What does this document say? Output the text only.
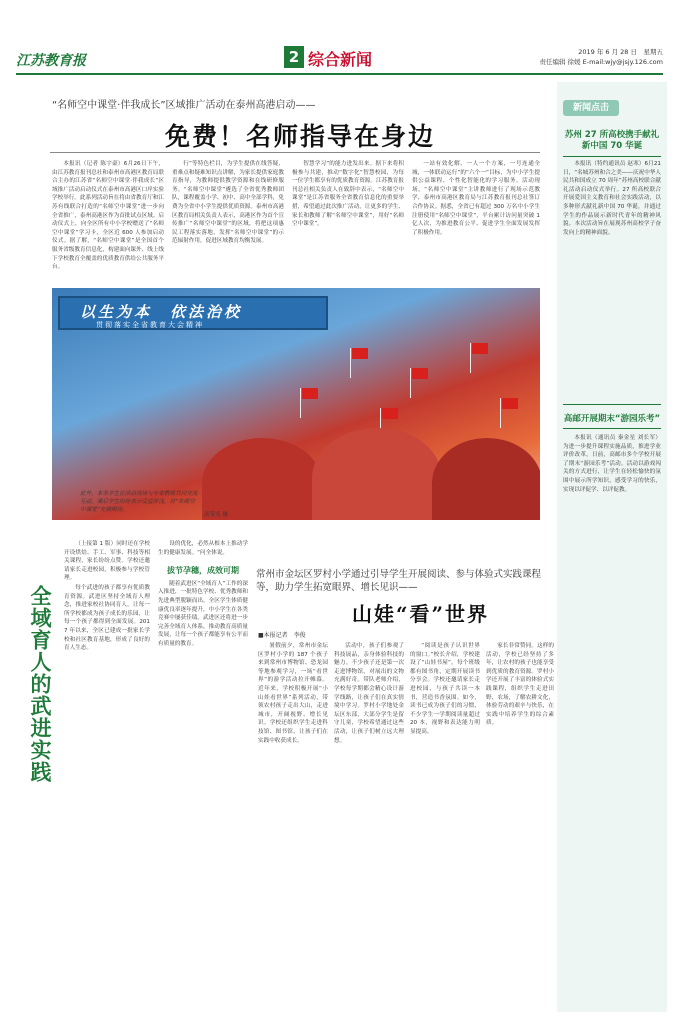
江苏教育报	2 综合新闻	2019 年 6 月 28 日　星期五
责任编辑 徐媛 E-mail:wjy@jsjy.126.com
“名师空中课堂·伴我成长”区域推广活动在泰州高港启动——
免费！名师指导在身边

本报讯（记者 陈宇豪）6月26日下午，由江苏教育报刊总社和泰州市高港区教育局联合主办的江苏省“名师空中课堂·伴我成长”区域推广活动启动仪式在泰州市高港区口岸实验学校举行。此系列活动旨在将由省教育厅和江苏有线联合打造的“名师空中课堂”进一步向全省推广，泰州高港区作为首批试点区域。启动仪式上，向全区所有中小学校赠送了“名师空中课堂”学习卡，全区近 600 人参加启动仪式。据了解，“名师空中课堂”是全国首个服务省级教育信息化，构建面向课外、线上线下学校教育全覆盖的优质教育供给公共服务平台。

行”等特色栏目，为学生提供在线答疑、重难点和疑难知识点讲解，为家长提供家庭教育指导，为教师提供教学资源和在线研修服务。“名师空中课堂”遴选了全省优秀教师团队，课程覆盖小学、初中、高中全部学科，免费为全省中小学生提供优质资源。泰州市高港区教育局相关负责人表示，高港区作为首个宣传推广“名师空中课堂”的区域，将把这项惠民工程落实落地，发挥“名师空中课堂”的示范辐射作用，促进区域教育均衡发展。

智慧学习”的能力进发出来。据下来将积极参与共建，推动“数字化”智慧校园，为每一位学生都享有的优质教育资源。江苏教育报刊总社相关负责人在致辞中表示，“名师空中课堂”是江苏省服务全省教育信息化的重要举措，希望通过此次推广活动，让更多的学生、家长和教师了解“名师空中课堂”，用好“名师空中课堂”。

一站有效化解、一人一个方案，一号连通全城，一体联动运行”的“六个一”目标，为中小学生提供公益课程、个性化智能化的学习服务。活动现场，“名师空中课堂”主讲教师进行了现场示范教学，泰州市高港区教育局与江苏教育报刊总社签订合作协议。据悉，全省已有超过 300 万名中小学生注册使用“名师空中课堂”，平台累计访问量突破 1 亿人次，为推进教育公平、促进学生全面发展发挥了积极作用。

以生为本　依法治校
贯彻落实全省教育大会精神
此外，本条学生在活动现场与专家教师共同交流互动，课后学生纷纷表示受益匪浅，对“名师空中课堂”充满期待。
高荣光 摄
新闻点击
苏州 27 所高校携手献礼新中国 70 华诞

本报讯（特约通讯员 赵寒）6月21日，“名城苏州和合之美——庆祝中华人民共和国成立 70 周年”苏州高校联合献礼活动启动仪式举行。27 所高校联合开展爱国主义教育和社会实践活动，以多种形式献礼新中国 70 华诞，并通过学生的作品展示新时代青年的精神风貌。本次活动旨在展现苏州高校学子奋发向上的精神面貌。

高邮开展期末“游园乐考”

本报讯（通讯员 秦金星 刘长军）为进一步提升课程实施品质，推进学业评价改革，日前，高邮市多个学校开展了期末“游园乐考”活动。活动以游戏闯关的方式进行，让学生在轻松愉快的氛围中展示所学知识，感受学习的快乐，实现以评促学、以评促教。

全域育人的武进实践

（上接第 1 版）同时还在学校开设烘焙、手工、军事、科技等相关课程，家长纷纷点赞。学校还邀请家长走进校园，积极参与学校管理。

每个武进的孩子都享有优质教育资源。武进区坚持全域育人理念，推进家校社协同育人，让每一所学校都成为孩子成长的乐园，让每一个孩子都得到全面发展。2017 年以来，全区已建成一批家长学校和社区教育基地，形成了良好的育人生态。

设的优化，必然从根本上推动学生的健康发展。“问全体说。

拔节孕穗，成效可期

随着武进区“全域育人”工作的深入推进，一批特色学校、优秀教师和先进典型脱颖而出。全区学生体质健康优良率逐年提升，中小学生在各类竞赛中屡获佳绩。武进区还将进一步完善全域育人体系，推动教育高质量发展，让每一个孩子都能享有公平而有质量的教育。

常州市金坛区罗村小学通过引导学生开展阅读、参与体验式实践课程等，助力学生拓宽眼界、增长见识——
山娃“看”世界
■本报记者　李俊

暑假前夕，常州市金坛区罗村小学的 187 个孩子来到常州市博物馆、恐龙园等地参观学习，一场“看世界”的游学活动拉开帷幕。近年来，学校积极开展“小山娃看世界”系列活动，带领农村孩子走出大山，走进城市，开阔视野、增长见识。学校还组织学生走进科技馆、图书馆，让孩子们在实践中收获成长。

活动中，孩子们参观了科技展品，亲身体验科技的魅力。不少孩子还是第一次走进博物馆，对展出的文物充满好奇。带队老师介绍，学校每学期都会精心设计游学线路，让孩子们在真实情境中学习。罗村小学地处金坛区东部，大部分学生是留守儿童，学校希望通过这些活动，让孩子们树立远大理想。

“阅读是孩子认识世界的窗口。”校长介绍，学校建设了“山娃书屋”，每个班级都有图书角，定期开展读书分享会。学校还邀请家长走进校园，与孩子共读一本书，营造书香氛围。如今，读书已成为孩子们的习惯，不少学生一学期阅读量超过 20 本，视野和表达能力明显提高。

家长非常赞同。这样的活动，学校已经坚持了多年，让农村的孩子也能享受到优质的教育资源。罗村小学还开展了丰富的体验式实践课程，组织学生走进田野、农场，了解农耕文化，体验劳动的艰辛与快乐，在实践中培养学生的综合素质。
